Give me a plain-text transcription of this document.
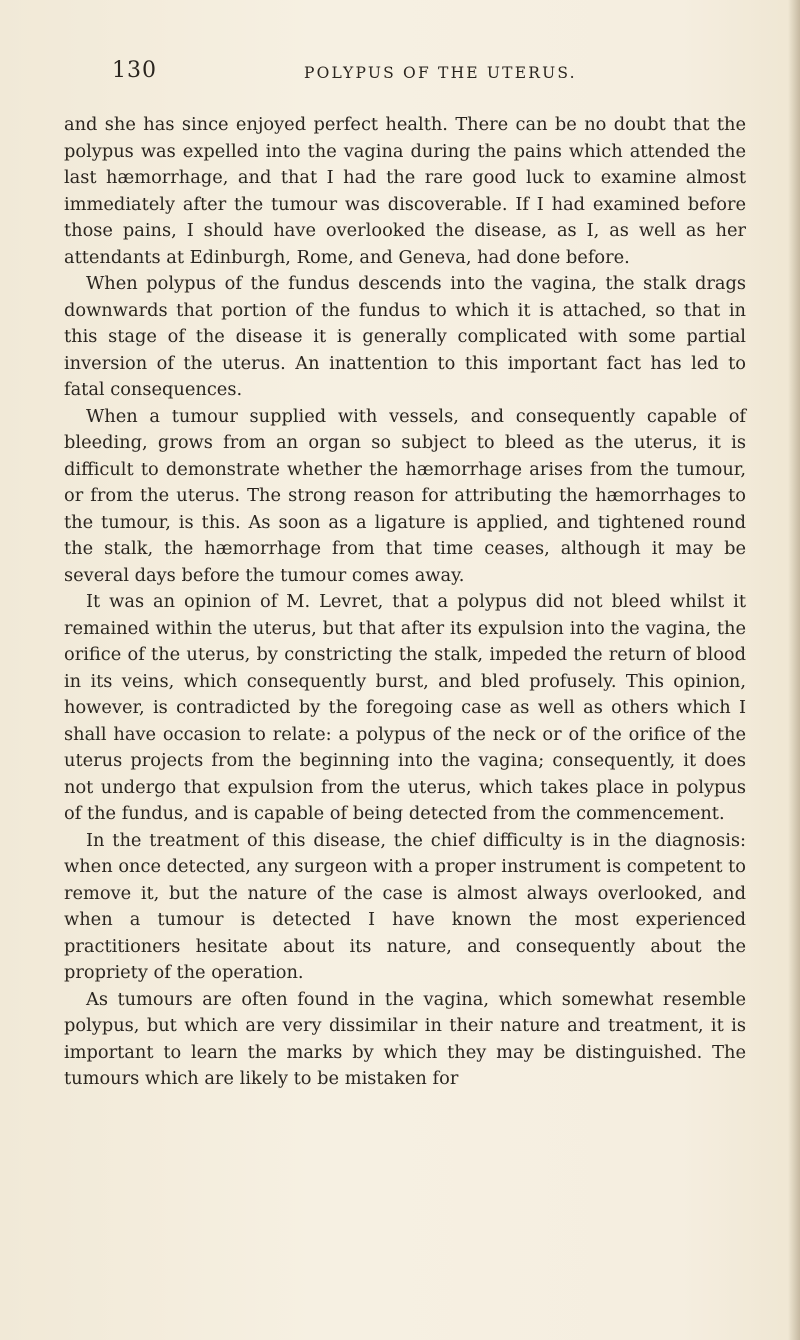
130	POLYPUS OF THE UTERUS.

and she has since enjoyed perfect health. There can be no doubt that the polypus was expelled into the vagina during the pains which attended the last hæmorrhage, and that I had the rare good luck to examine almost immediately after the tumour was discoverable. If I had examined before those pains, I should have overlooked the disease, as I, as well as her attendants at Edinburgh, Rome, and Geneva, had done before.

When polypus of the fundus descends into the vagina, the stalk drags downwards that portion of the fundus to which it is attached, so that in this stage of the disease it is generally complicated with some partial inversion of the uterus. An inattention to this important fact has led to fatal consequences.

When a tumour supplied with vessels, and consequently capable of bleeding, grows from an organ so subject to bleed as the uterus, it is difficult to demonstrate whether the hæmorrhage arises from the tumour, or from the uterus. The strong reason for attributing the hæmorrhages to the tumour, is this. As soon as a ligature is applied, and tightened round the stalk, the hæmorrhage from that time ceases, although it may be several days before the tumour comes away.

It was an opinion of M. Levret, that a polypus did not bleed whilst it remained within the uterus, but that after its expulsion into the vagina, the orifice of the uterus, by constricting the stalk, impeded the return of blood in its veins, which consequently burst, and bled profusely. This opinion, however, is contradicted by the foregoing case as well as others which I shall have occasion to relate: a polypus of the neck or of the orifice of the uterus projects from the beginning into the vagina; consequently, it does not undergo that expulsion from the uterus, which takes place in polypus of the fundus, and is capable of being detected from the commencement.

In the treatment of this disease, the chief difficulty is in the diagnosis: when once detected, any surgeon with a proper instrument is competent to remove it, but the nature of the case is almost always overlooked, and when a tumour is detected I have known the most experienced practitioners hesitate about its nature, and consequently about the propriety of the operation.

As tumours are often found in the vagina, which somewhat resemble polypus, but which are very dissimilar in their nature and treatment, it is important to learn the marks by which they may be distinguished. The tumours which are likely to be mistaken for
